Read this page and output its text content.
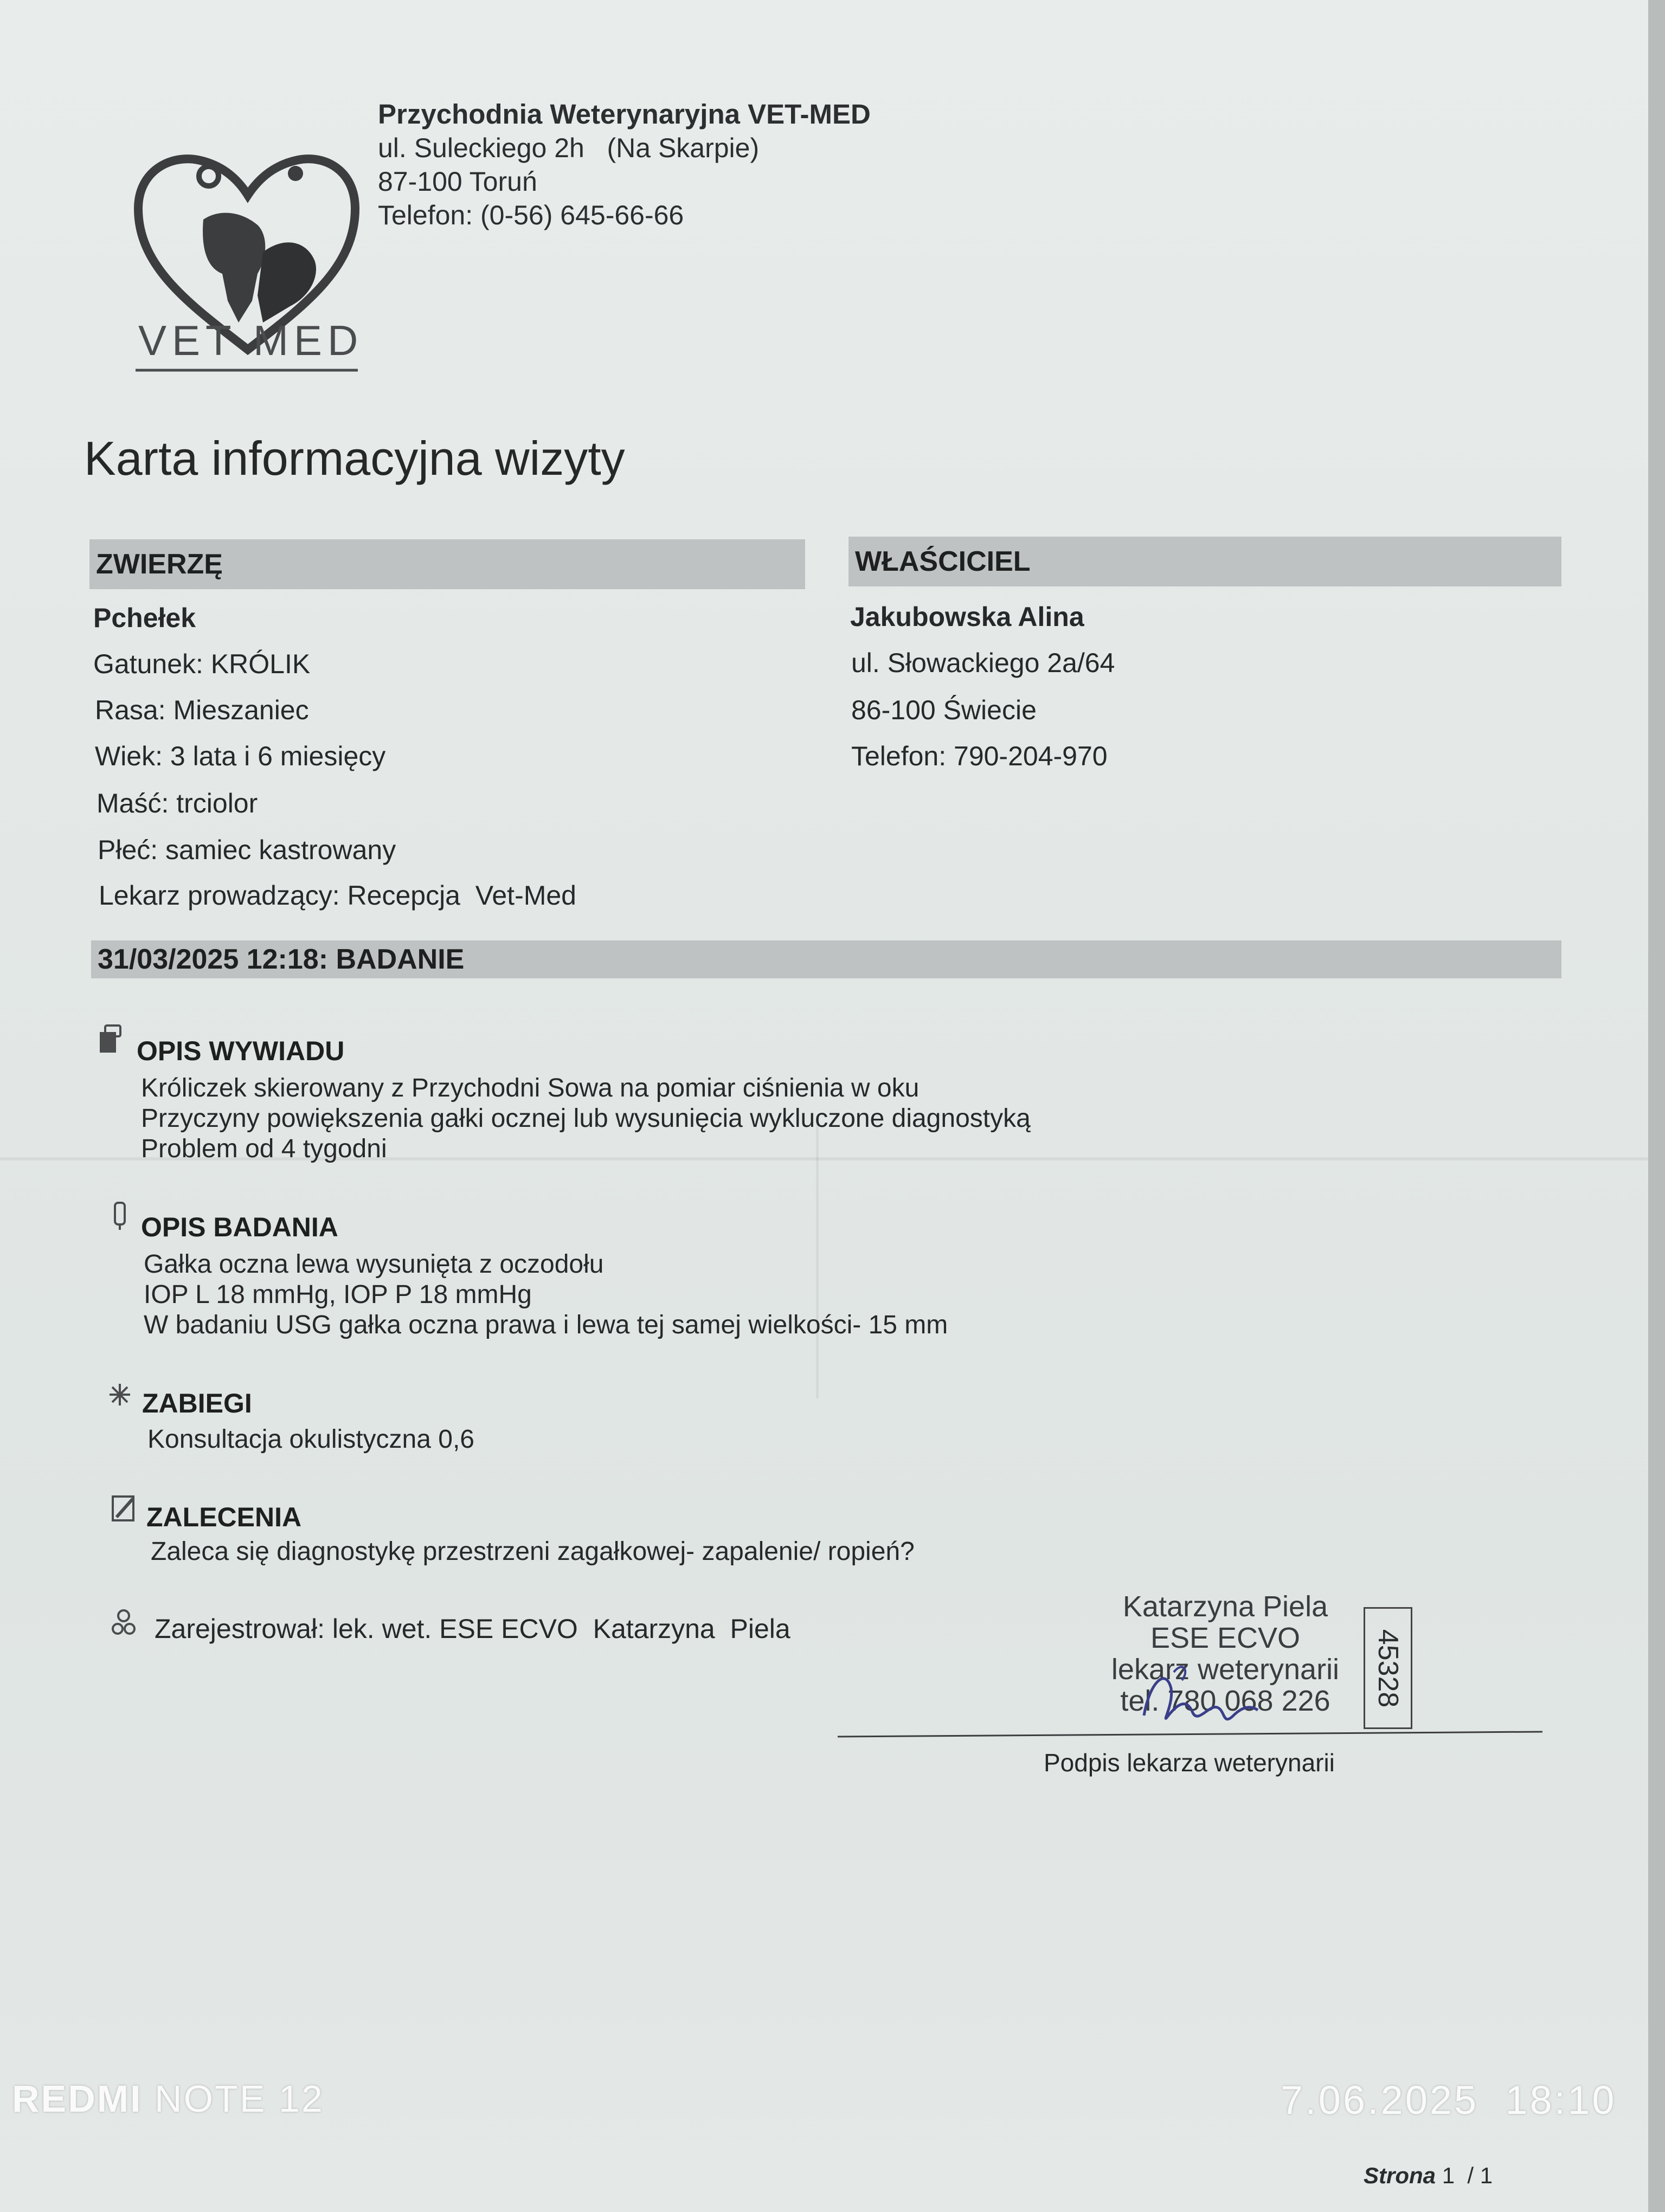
VET MED
Przychodnia Weterynaryjna VET-MED
ul. Suleckiego 2h   (Na Skarpie)
87-100 Toruń
Telefon: (0-56) 645-66-66
Karta informacyjna wizyty
ZWIERZĘ	WŁAŚCICIEL
Pchełek
Gatunek: KRÓLIK
Rasa: Mieszaniec
Wiek: 3 lata i 6 miesięcy
Maść: trciolor
Płeć: samiec kastrowany
Lekarz prowadzący: Recepcja  Vet-Med
Jakubowska Alina
ul. Słowackiego 2a/64
86-100 Świecie
Telefon: 790-204-970
31/03/2025 12:18: BADANIE
OPIS WYWIADU
Króliczek skierowany z Przychodni Sowa na pomiar ciśnienia w oku
Przyczyny powiększenia gałki ocznej lub wysunięcia wykluczone diagnostyką
Problem od 4 tygodni
OPIS BADANIA
Gałka oczna lewa wysunięta z oczodołu
IOP L 18 mmHg, IOP P 18 mmHg
W badaniu USG gałka oczna prawa i lewa tej samej wielkości- 15 mm
ZABIEGI
Konsultacja okulistyczna 0,6
ZALECENIA
Zaleca się diagnostykę przestrzeni zagałkowej- zapalenie/ ropień?
Zarejestrował: lek. wet. ESE ECVO  Katarzyna  Piela
Katarzyna Piela
ESE ECVO
lekarz weterynarii
tel. 780 068 226	45328
Podpis lekarza weterynarii
REDMI NOTE 12	7.06.2025  18:10
Strona 1  / 1
